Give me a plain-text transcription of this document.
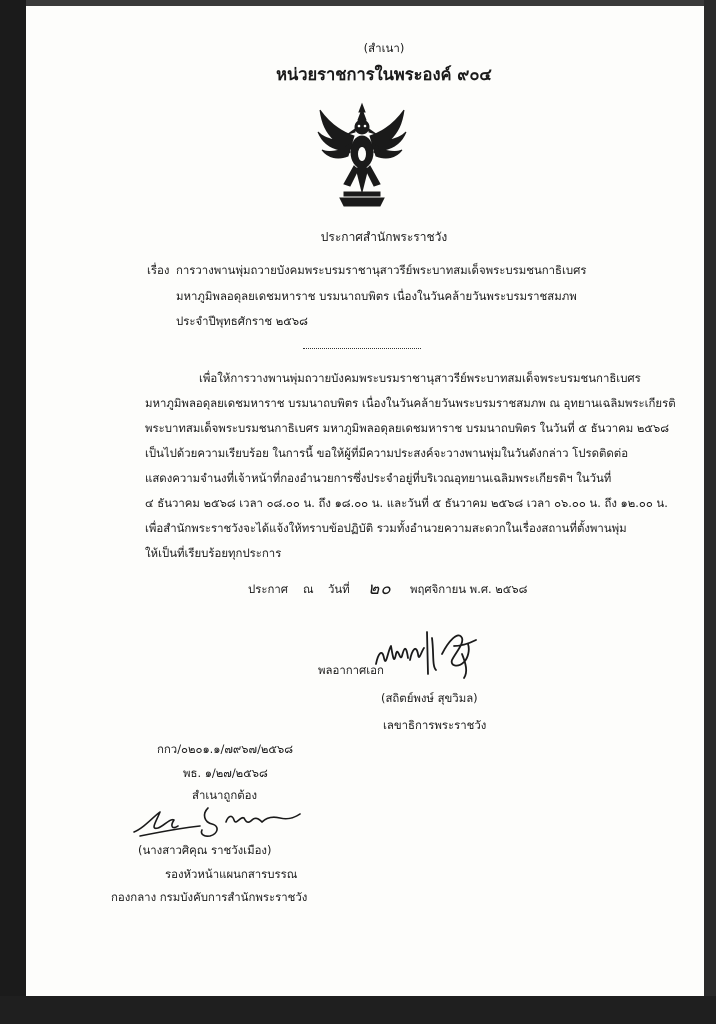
(สำเนา)
หน่วยราชการในพระองค์ ๙๐๔
ประกาศสำนักพระราชวัง
เรื่อง การวางพานพุ่มถวายบังคมพระบรมราชานุสาวรีย์พระบาทสมเด็จพระบรมชนกาธิเบศร
มหาภูมิพลอดุลยเดชมหาราช บรมนาถบพิตร เนื่องในวันคล้ายวันพระบรมราชสมภพ
ประจำปีพุทธศักราช ๒๕๖๘
เพื่อให้การวางพานพุ่มถวายบังคมพระบรมราชานุสาวรีย์พระบาทสมเด็จพระบรมชนกาธิเบศร
มหาภูมิพลอดุลยเดชมหาราช บรมนาถบพิตร เนื่องในวันคล้ายวันพระบรมราชสมภพ ณ อุทยานเฉลิมพระเกียรติ
พระบาทสมเด็จพระบรมชนกาธิเบศร มหาภูมิพลอดุลยเดชมหาราช บรมนาถบพิตร ในวันที่ ๕ ธันวาคม ๒๕๖๘
เป็นไปด้วยความเรียบร้อย ในการนี้ ขอให้ผู้ที่มีความประสงค์จะวางพานพุ่มในวันดังกล่าว โปรดติดต่อ
แสดงความจำนงที่เจ้าหน้าที่กองอำนวยการซึ่งประจำอยู่ที่บริเวณอุทยานเฉลิมพระเกียรติฯ ในวันที่
๔ ธันวาคม ๒๕๖๘ เวลา ๐๘.๐๐ น. ถึง ๑๘.๐๐ น. และวันที่ ๕ ธันวาคม ๒๕๖๘ เวลา ๐๖.๐๐ น. ถึง ๑๒.๐๐ น.
เพื่อสำนักพระราชวังจะได้แจ้งให้ทราบข้อปฏิบัติ รวมทั้งอำนวยความสะดวกในเรื่องสถานที่ตั้งพานพุ่ม
ให้เป็นที่เรียบร้อยทุกประการ
ประกาศ ณ วันที่ ๒๐ พฤศจิกายน พ.ศ. ๒๕๖๘
พลอากาศเอก
(สถิตย์พงษ์ สุขวิมล)
เลขาธิการพระราชวัง
กกว/๐๒๐๑.๑/๗๙๖๗/๒๕๖๘
พธ. ๑/๒๗/๒๕๖๘
สำเนาถูกต้อง
(นางสาวศิคุณ ราชวังเมือง)
รองหัวหน้าแผนกสารบรรณ
กองกลาง กรมบังคับการสำนักพระราชวัง
